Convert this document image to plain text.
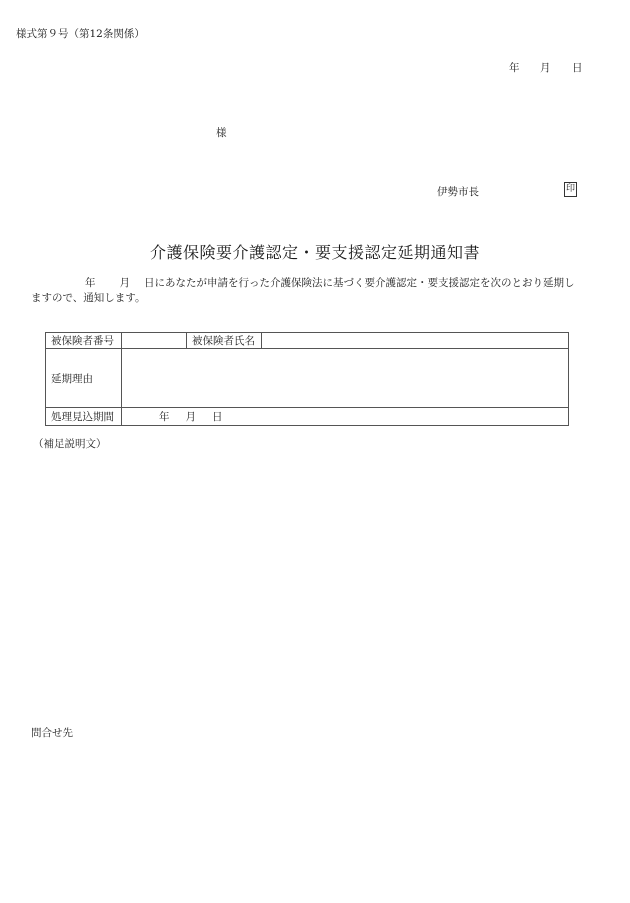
様式第９号（第12条関係）
年 月 日
様
伊勢市長	印
介護保険要介護認定・要支援認定延期通知書
年 月 日にあなたが申請を行った介護保険法に基づく要介護認定・要支援認定を次のとおり延期し
ますので、通知します。
被保険者番号		被保険者氏名	
延期理由			
処理見込期間	年 月 日		
（補足説明文）
問合せ先
